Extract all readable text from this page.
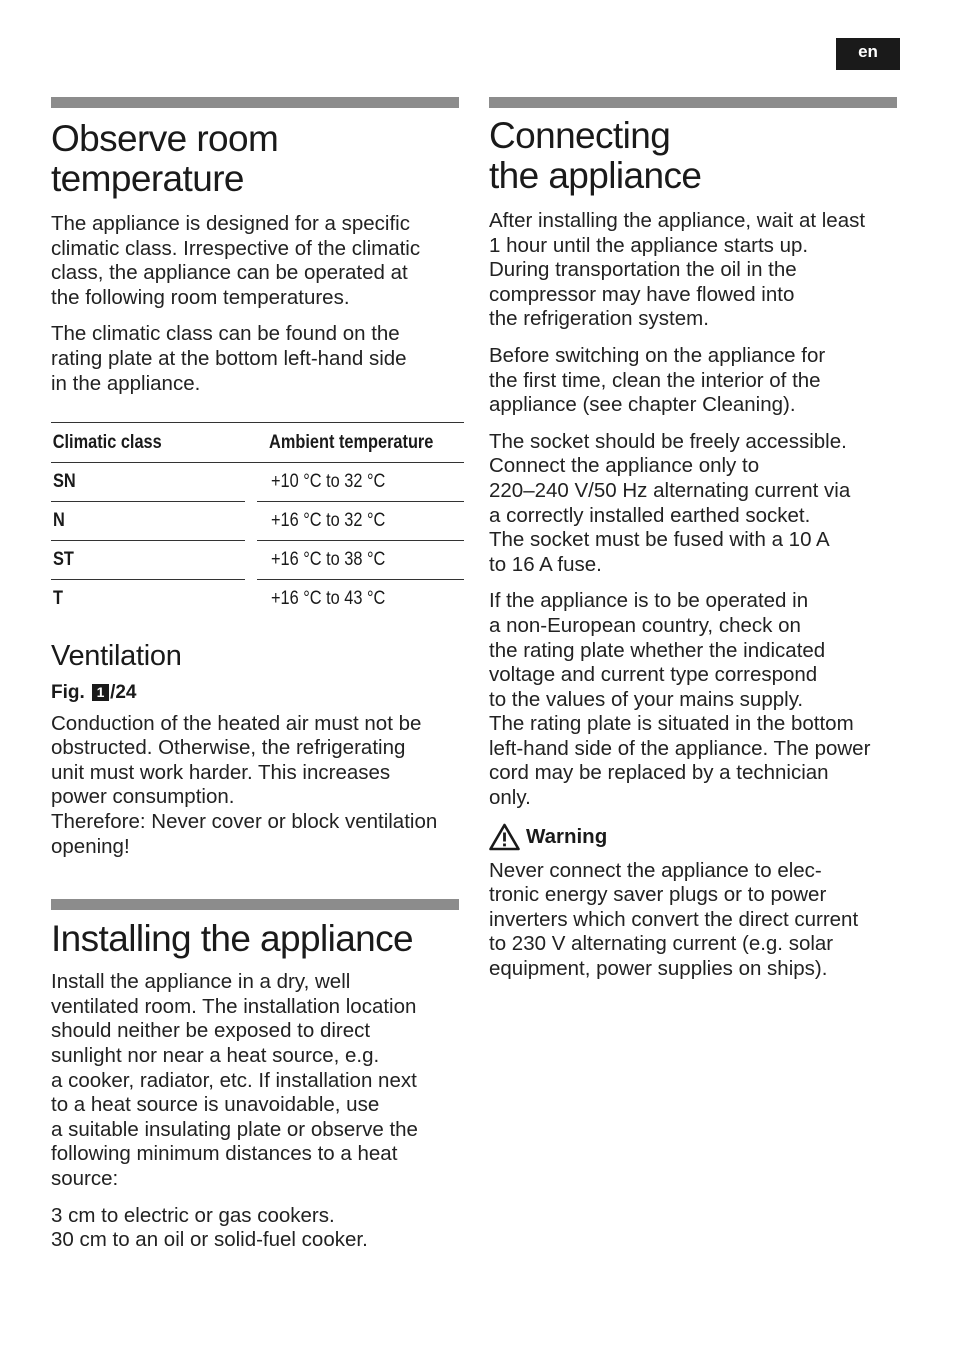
en
Observe room
temperature

The appliance is designed for a specific
climatic class. Irrespective of the climatic
class, the appliance can be operated at
the following room temperatures.

The climatic class can be found on the
rating plate at the bottom left-hand side
in the appliance.

Climatic class		Ambient temperature
SN		+10 °C to 32 °C
N		+16 °C to 32 °C
ST		+16 °C to 38 °C
T		+16 °C to 43 °C
Ventilation
Fig. 1 /24

Conduction of the heated air must not be
obstructed. Otherwise, the refrigerating
unit must work harder. This increases
power consumption.
Therefore: Never cover or block ventilation
opening!

Installing the appliance

Install the appliance in a dry, well
ventilated room. The installation location
should neither be exposed to direct
sunlight nor near a heat source, e.g.
a cooker, radiator, etc. If installation next
to a heat source is unavoidable, use
a suitable insulating plate or observe the
following minimum distances to a heat
source:

3 cm to electric or gas cookers.
30 cm to an oil or solid-fuel cooker.

Connecting
the appliance

After installing the appliance, wait at least
1 hour until the appliance starts up.
During transportation the oil in the
compressor may have flowed into
the refrigeration system.

Before switching on the appliance for
the first time, clean the interior of the
appliance (see chapter Cleaning).

The socket should be freely accessible.
Connect the appliance only to
220–240 V/50 Hz alternating current via
a correctly installed earthed socket.
The socket must be fused with a 10 A
to 16 A fuse.

If the appliance is to be operated in
a non-European country, check on
the rating plate whether the indicated
voltage and current type correspond
to the values of your mains supply.
The rating plate is situated in the bottom
left-hand side of the appliance. The power
cord may be replaced by a technician
only.

Warning

Never connect the appliance to elec-
tronic energy saver plugs or to power
inverters which convert the direct current
to 230 V alternating current (e.g. solar
equipment, power supplies on ships).
